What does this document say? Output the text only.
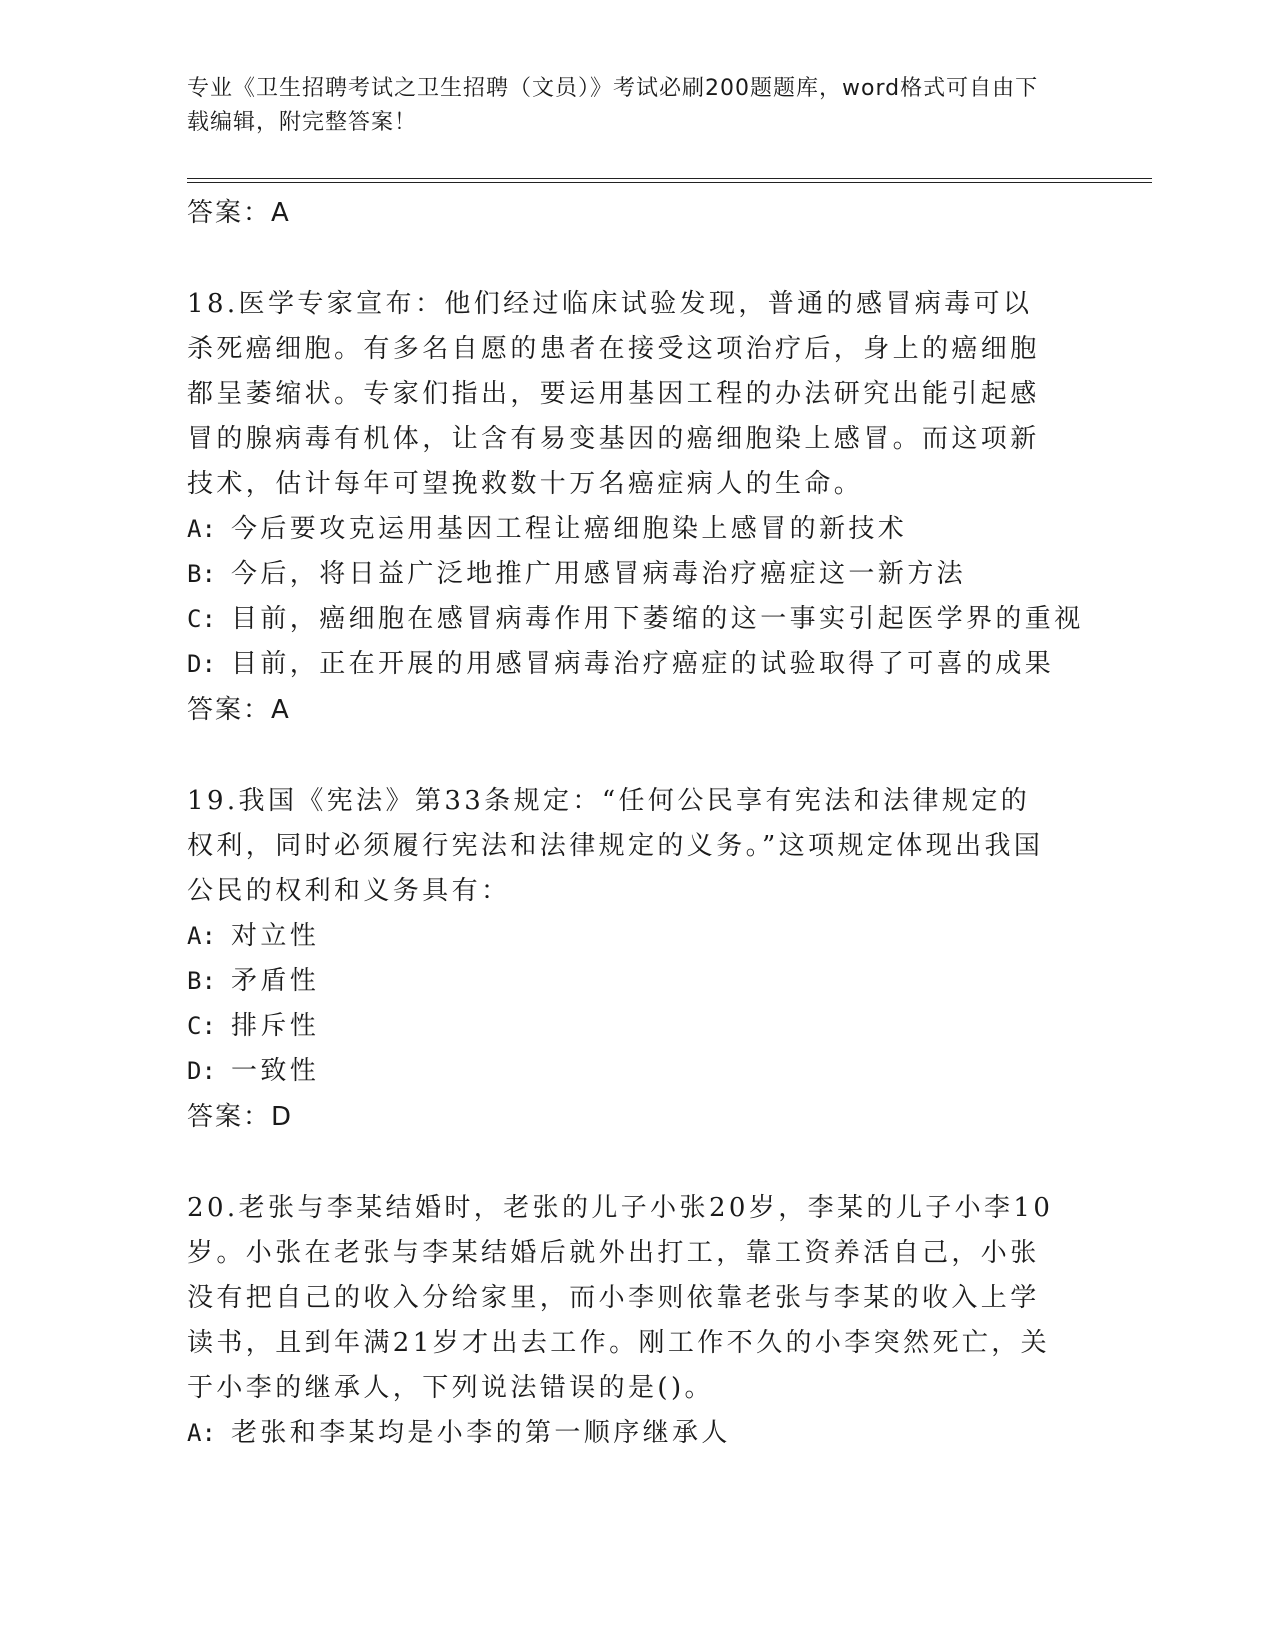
专业《卫生招聘考试之卫生招聘（文员）》考试必刷200题题库，word格式可自由下载编辑，附完整答案！

答案：A

18.医学专家宣布：他们经过临床试验发现，普通的感冒病毒可以杀死癌细胞。有多名自愿的患者在接受这项治疗后，身上的癌细胞都呈萎缩状。专家们指出，要运用基因工程的办法研究出能引起感冒的腺病毒有机体，让含有易变基因的癌细胞染上感冒。而这项新技术，估计每年可望挽救数十万名癌症病人的生命。

A: 今后要攻克运用基因工程让癌细胞染上感冒的新技术

B: 今后，将日益广泛地推广用感冒病毒治疗癌症这一新方法

C: 目前，癌细胞在感冒病毒作用下萎缩的这一事实引起医学界的重视

D: 目前，正在开展的用感冒病毒治疗癌症的试验取得了可喜的成果

答案：A

19.我国《宪法》第33条规定：“任何公民享有宪法和法律规定的权利，同时必须履行宪法和法律规定的义务。”这项规定体现出我国公民的权利和义务具有：

A: 对立性

B: 矛盾性

C: 排斥性

D: 一致性

答案：D

20.老张与李某结婚时，老张的儿子小张20岁，李某的儿子小李10岁。小张在老张与李某结婚后就外出打工，靠工资养活自己，小张没有把自己的收入分给家里，而小李则依靠老张与李某的收入上学读书，且到年满21岁才出去工作。刚工作不久的小李突然死亡，关于小李的继承人，下列说法错误的是()。

A: 老张和李某均是小李的第一顺序继承人
